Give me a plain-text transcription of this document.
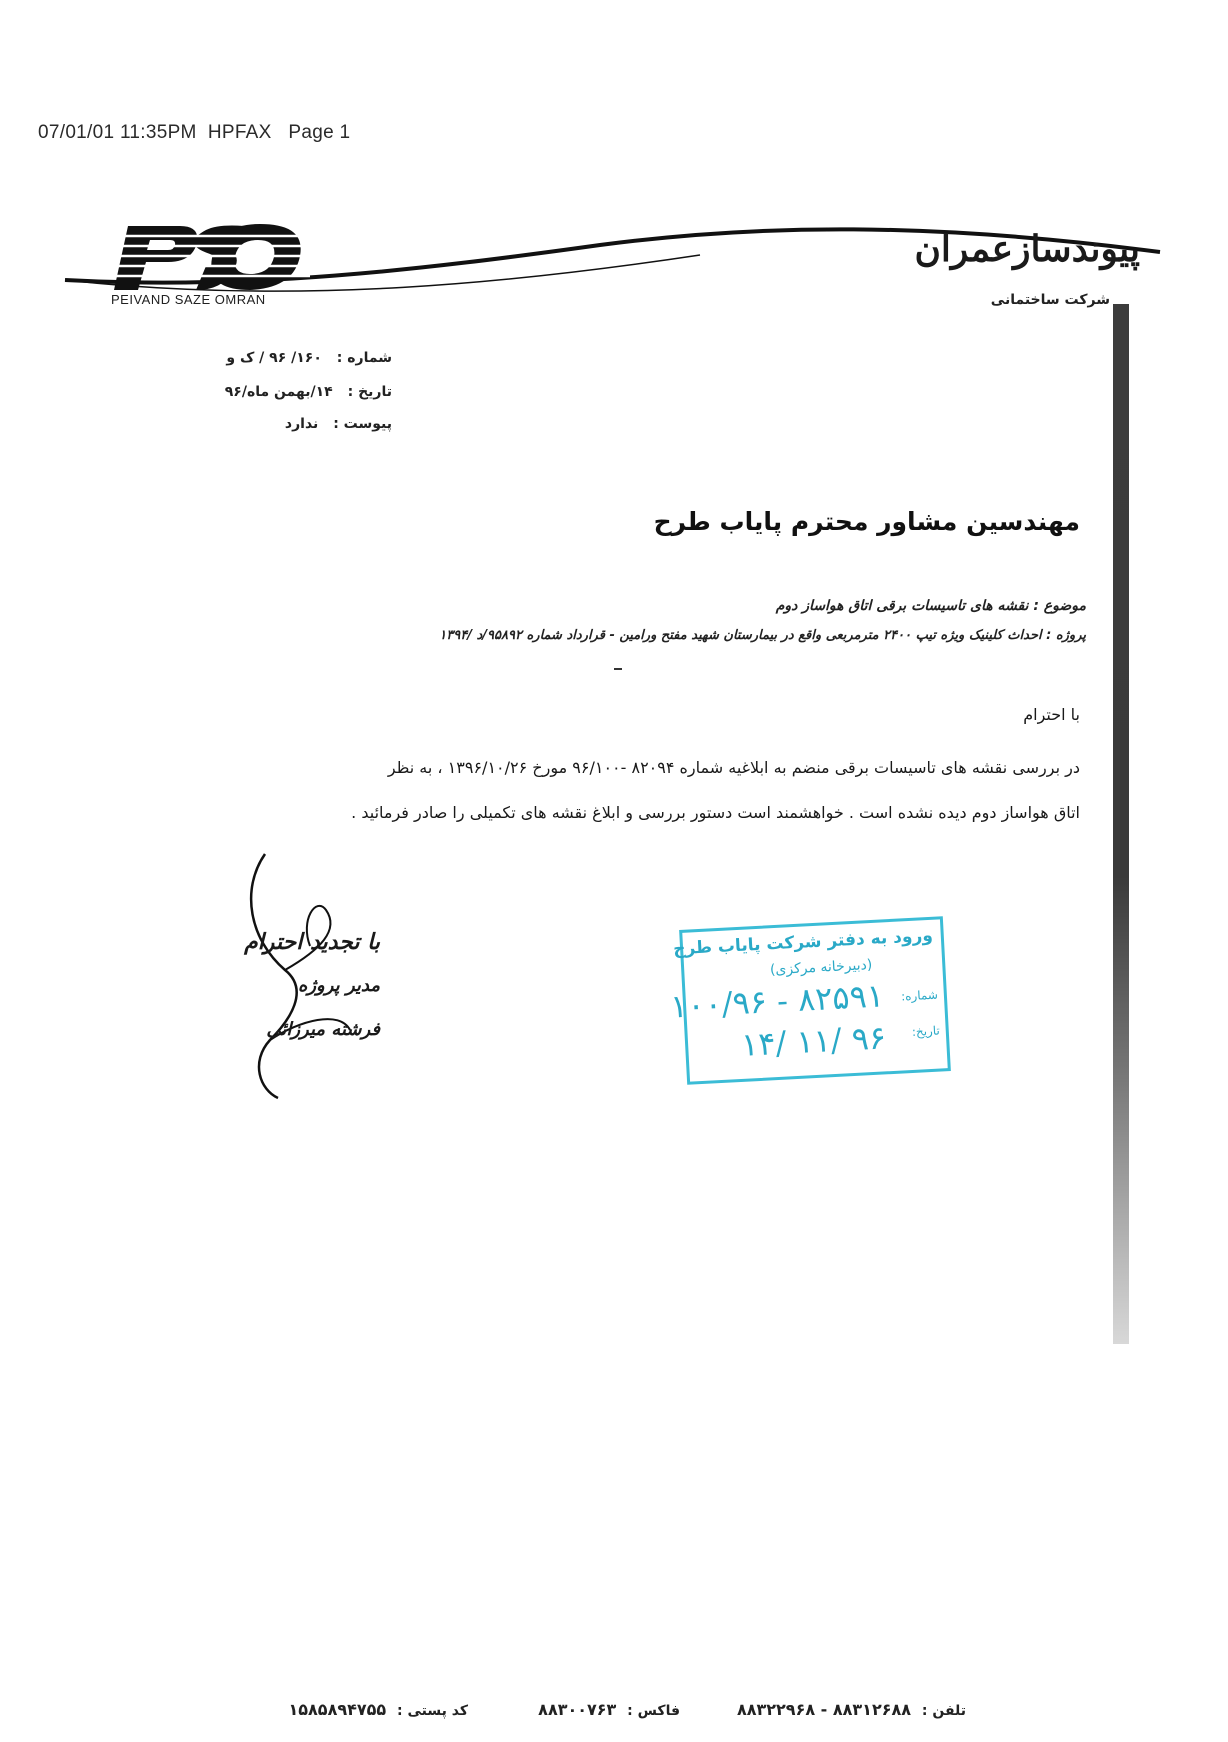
07/01/01 11:35PM  HPFAX   Page 1
PEIVAND SAZE OMRAN
پیوندسازعمران
شرکت ساختمانی
شماره : ۱۶۰/ ۹۶ / ک و
تاریخ : ۱۴/بهمن ماه/۹۶
پیوست : ندارد
مهندسین مشاور محترم پایاب طرح
موضوع : نقشه های تاسیسات برقی اتاق هواساز دوم
پروژه : احداث کلینیک ویژه تیپ ۲۴۰۰ مترمربعی واقع در بیمارستان شهید مفتح ورامین - قرارداد شماره ۹۵۸۹۲/د /۱۳۹۴
با احترام
در بررسی نقشه های تاسیسات برقی منضم به ابلاغیه شماره ۸۲۰۹۴ -۹۶/۱۰۰ مورخ ۱۳۹۶/۱۰/۲۶ ، به نظر
اتاق هواساز دوم دیده نشده است . خواهشمند است دستور بررسی و ابلاغ نقشه های تکمیلی را صادر فرمائید .
با تجدید احترام
مدیر پروژه
فرشته میرزائی
ورود به دفتر شرکت پایاب طرح
(دبیرخانه مرکزی)
شماره:
۸۲۵۹۱ - ۱۰۰/۹۶
تاریخ:
۹۶ /۱۱ /۱۴
تلفن : ۸۸۳۱۲۶۸۸ - ۸۸۳۲۲۹۶۸
فاکس : ۸۸۳۰۰۷۶۳
کد پستی : ۱۵۸۵۸۹۴۷۵۵
